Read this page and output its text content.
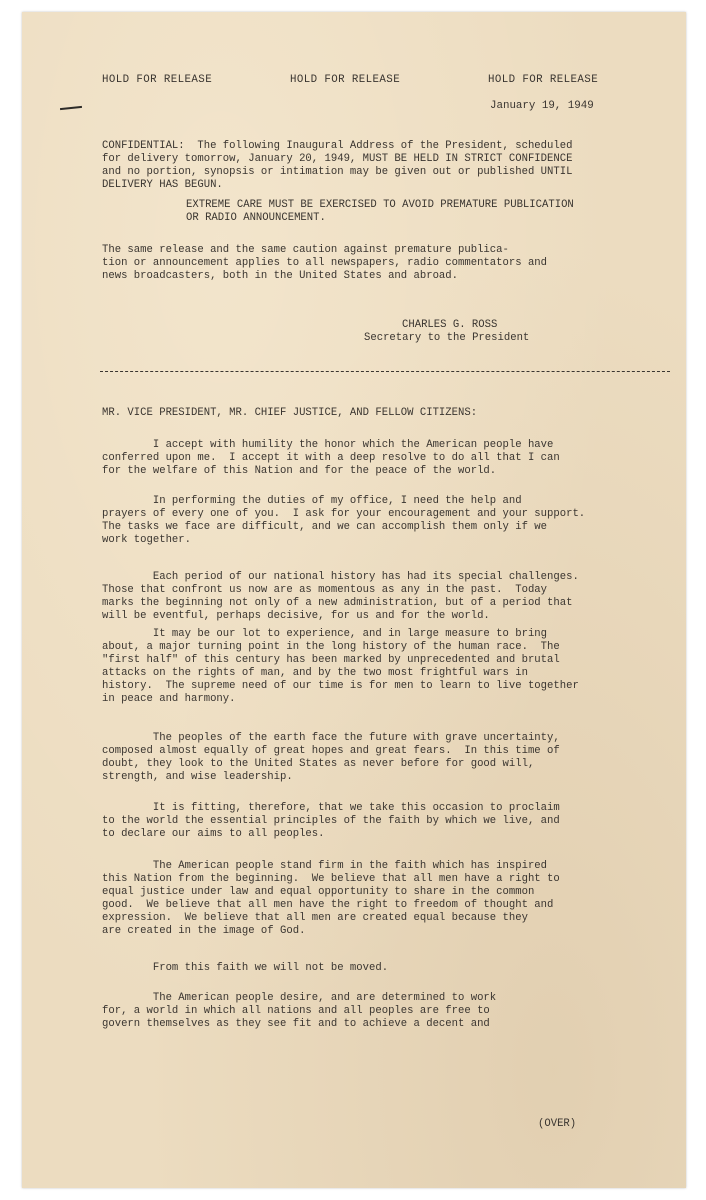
HOLD FOR RELEASE	HOLD FOR RELEASE	HOLD FOR RELEASE
January 19, 1949
CONFIDENTIAL:  The following Inaugural Address of the President, scheduled
for delivery tomorrow, January 20, 1949, MUST BE HELD IN STRICT CONFIDENCE
and no portion, synopsis or intimation may be given out or published UNTIL
DELIVERY HAS BEGUN.
EXTREME CARE MUST BE EXERCISED TO AVOID PREMATURE PUBLICATION
OR RADIO ANNOUNCEMENT.
The same release and the same caution against premature publica-
tion or announcement applies to all newspapers, radio commentators and
news broadcasters, both in the United States and abroad.
CHARLES G. ROSS
Secretary to the President
MR. VICE PRESIDENT, MR. CHIEF JUSTICE, AND FELLOW CITIZENS:
I accept with humility the honor which the American people have
conferred upon me.  I accept it with a deep resolve to do all that I can
for the welfare of this Nation and for the peace of the world.
In performing the duties of my office, I need the help and
prayers of every one of you.  I ask for your encouragement and your support.
The tasks we face are difficult, and we can accomplish them only if we
work together.
Each period of our national history has had its special challenges.
Those that confront us now are as momentous as any in the past.  Today
marks the beginning not only of a new administration, but of a period that
will be eventful, perhaps decisive, for us and for the world.
It may be our lot to experience, and in large measure to bring
about, a major turning point in the long history of the human race.  The
"first half" of this century has been marked by unprecedented and brutal
attacks on the rights of man, and by the two most frightful wars in
history.  The supreme need of our time is for men to learn to live together
in peace and harmony.
The peoples of the earth face the future with grave uncertainty,
composed almost equally of great hopes and great fears.  In this time of
doubt, they look to the United States as never before for good will,
strength, and wise leadership.
It is fitting, therefore, that we take this occasion to proclaim
to the world the essential principles of the faith by which we live, and
to declare our aims to all peoples.
The American people stand firm in the faith which has inspired
this Nation from the beginning.  We believe that all men have a right to
equal justice under law and equal opportunity to share in the common
good.  We believe that all men have the right to freedom of thought and
expression.  We believe that all men are created equal because they
are created in the image of God.
From this faith we will not be moved.
The American people desire, and are determined to work
for, a world in which all nations and all peoples are free to
govern themselves as they see fit and to achieve a decent and
(OVER)
